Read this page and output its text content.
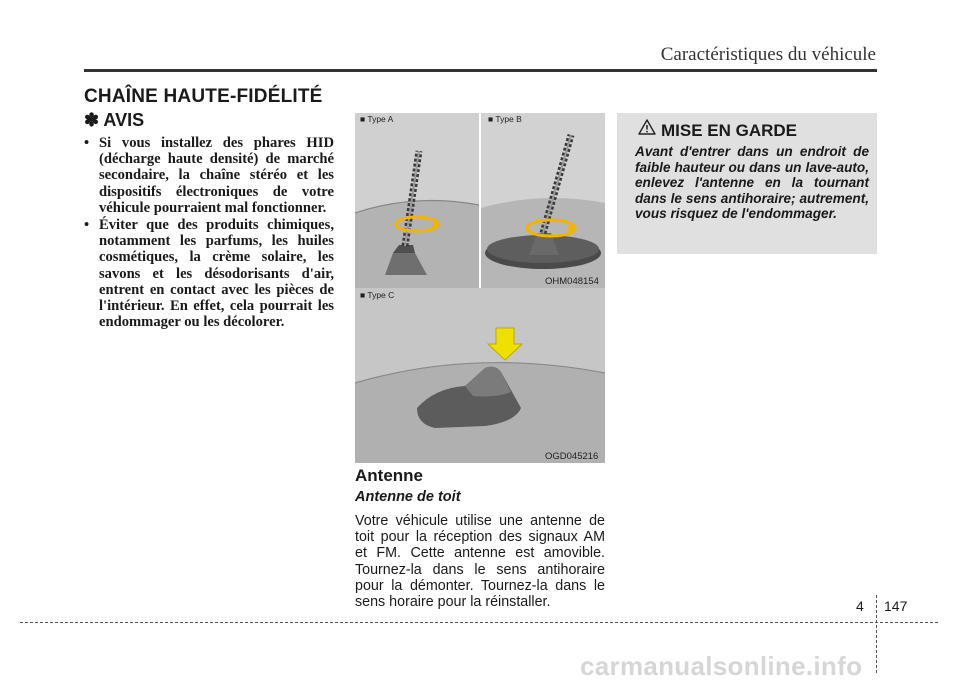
Caractéristiques du véhicule
CHAÎNE HAUTE-FIDÉLITÉ
✽ AVIS
• Si vous installez des phares HID (décharge haute densité) de marché secondaire, la chaîne stéréo et les dispositifs électroniques de votre véhicule pourraient mal fonctionner.
• Éviter que des produits chimiques, notamment les parfums, les huiles cosmétiques, la crème solaire, les savons et les désodorisants d'air, entrent en contact avec les pièces de l'intérieur. En effet, cela pourrait les endommager ou les décolorer.
■ Type A	■ Type B
OHM048154
■ Type C
OGD045216
Antenne
Antenne de toit

Votre véhicule utilise une antenne de toit pour la réception des signaux AM et FM. Cette antenne est amovible. Tournez-la dans le sens antihoraire pour la démonter. Tournez-la dans le sens horaire pour la réinstaller.

MISE EN GARDE

Avant d'entrer dans un endroit de faible hauteur ou dans un lave-auto, enlevez l'antenne en la tournant dans le sens antihoraire; autrement, vous risquez de l'endommager.

4 147
carmanualsonline.info
